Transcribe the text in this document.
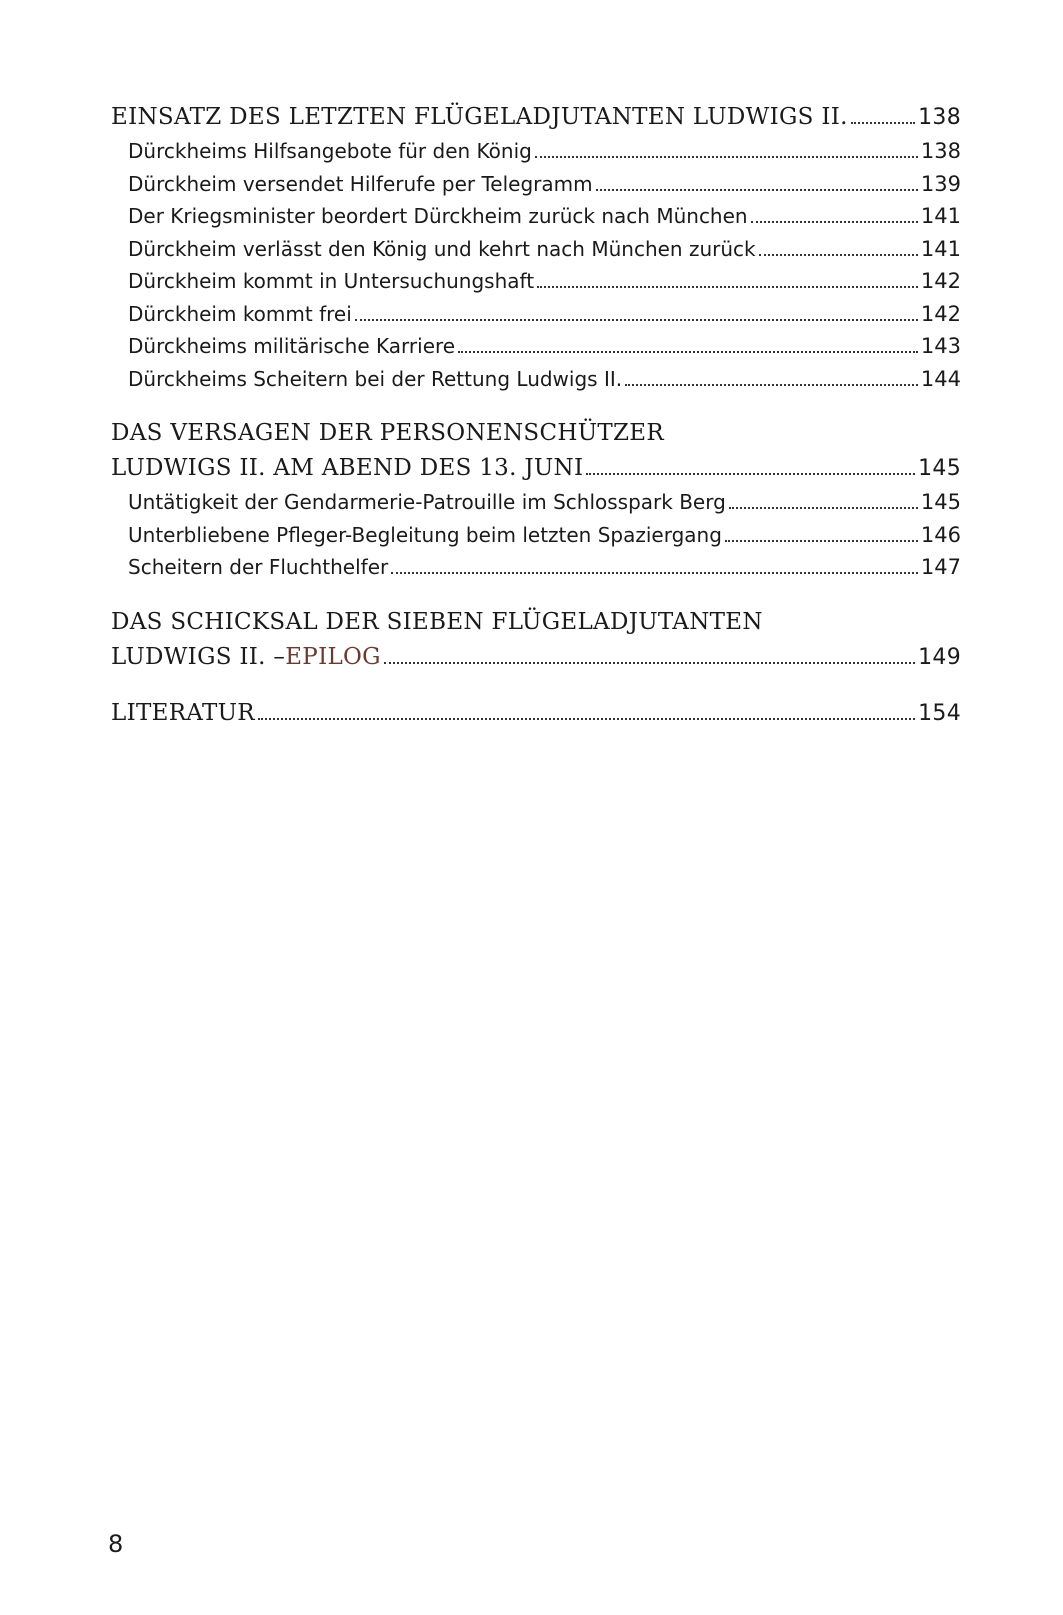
EINSATZ DES LETZTEN FLÜGELADJUTANTEN LUDWIGS II.	138
Dürckheims Hilfsangebote für den König	138
Dürckheim versendet Hilferufe per Telegramm	139
Der Kriegsminister beordert Dürckheim zurück nach München	141
Dürckheim verlässt den König und kehrt nach München zurück	141
Dürckheim kommt in Untersuchungshaft	142
Dürckheim kommt frei	142
Dürckheims militärische Karriere	143
Dürckheims Scheitern bei der Rettung Ludwigs II.	144
DAS VERSAGEN DER PERSONENSCHÜTZER
LUDWIGS II. AM ABEND DES 13. JUNI	145
Untätigkeit der Gendarmerie-Patrouille im Schlosspark Berg	145
Unterbliebene Pfleger-Begleitung beim letzten Spaziergang	146
Scheitern der Fluchthelfer	147
DAS SCHICKSAL DER SIEBEN FLÜGELADJUTANTEN
LUDWIGS II. – EPILOG	149
LITERATUR	154
8
